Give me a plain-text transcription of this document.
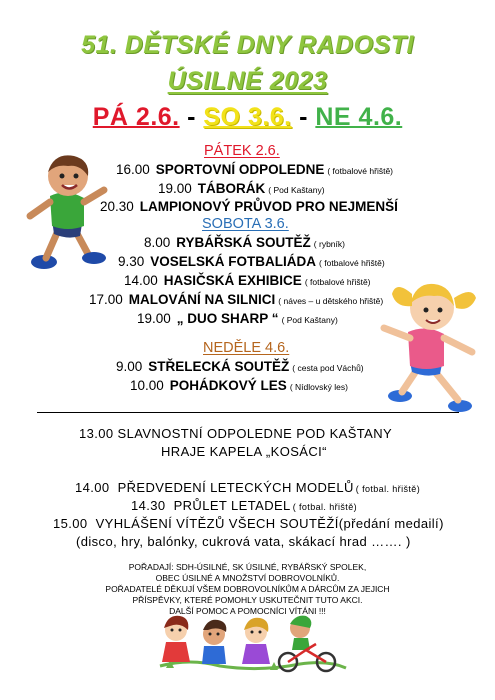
51. DĚTSKÉ DNY RADOSTI
ÚSILNÉ 2023
PÁ 2.6. - SO 3.6. - NE 4.6.
PÁTEK 2.6.
16.00 SPORTOVNÍ ODPOLEDNE ( fotbalové hřiště)
19.00 TÁBORÁK ( Pod Kaštany)
20.30 LAMPIONOVÝ PRŮVOD PRO NEJMENŠÍ
SOBOTA 3.6.
8.00 RYBÁŘSKÁ SOUTĚŽ ( rybník)
9.30 VOSELSKÁ FOTBALIÁDA ( fotbalové hřiště)
14.00 HASIČSKÁ EXHIBICE ( fotbalové hřiště)
17.00 MALOVÁNÍ NA SILNICI ( náves – u dětského hřiště)
19.00 „ DUO SHARP “ ( Pod Kaštany)
NEDĚLE 4.6.
9.00 STŘELECKÁ SOUTĚŽ ( cesta pod Váchů)
10.00 POHÁDKOVÝ LES ( Nídlovský les)
13.00 SLAVNOSTNÍ ODPOLEDNE POD KAŠTANY
HRAJE KAPELA „KOSÁCI“
14.00 PŘEDVEDENÍ LETECKÝCH MODELŮ ( fotbal. hřiště)
14.30 PRŮLET LETADEL ( fotbal. hřiště)
15.00 VYHLÁŠENÍ VÍTĚZŮ VŠECH SOUTĚŽÍ(předání medailí)
(disco, hry, balónky, cukrová vata, skákací hrad ……. )
POŘADAJÍ: SDH-ÚSILNÉ, SK ÚSILNÉ, RYBÁŘSKÝ SPOLEK,
OBEC ÚSILNÉ A MNOŽSTVÍ DOBROVOLNÍKŮ.
POŘADATELÉ DĚKUJÍ VŠEM DOBROVOLNÍKŮM A DÁRCŮM ZA JEJICH
PŘÍSPĚVKY, KTERÉ POMOHLY USKUTEČNIT TUTO AKCI.
DALŠÍ POMOC A POMOCNÍCI VÍTÁNI !!!
